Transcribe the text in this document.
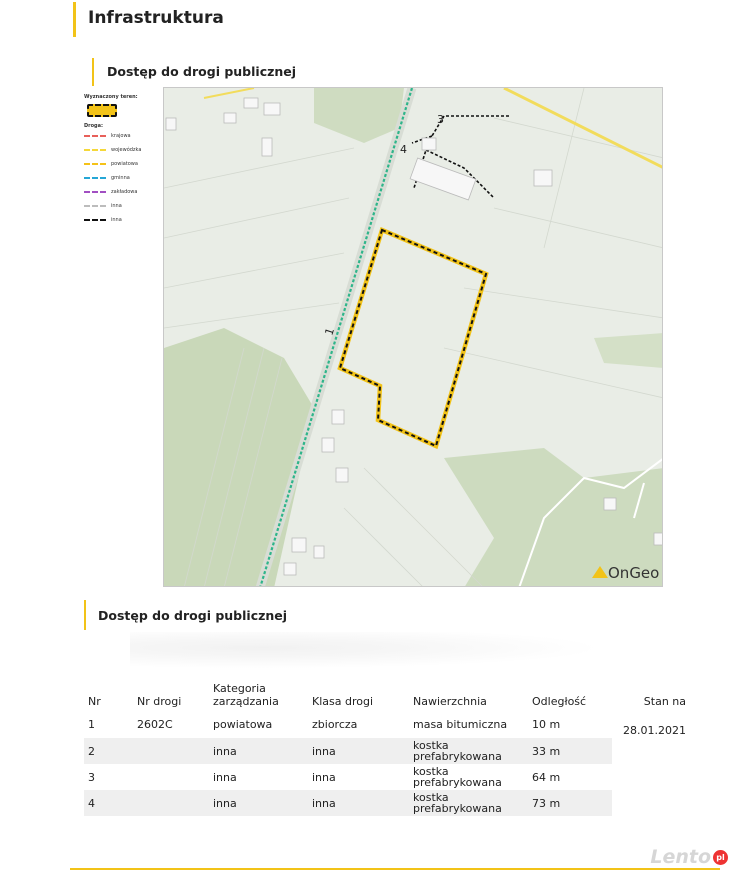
Infrastruktura
Dostęp do drogi publicznej
Wyznaczony teren:
Droga:
krajowa
wojewódzka
powiatowa
gminna
zakładowa
inna
inna
1
3
4
OnGeo
Dostęp do drogi publicznej
Nr	Nr drogi	Kategoria
zarządzania	Klasa drogi	Nawierzchnia	Odległość	Stan na
1	2602C	powiatowa	zbiorcza	masa bitumiczna	10 m	28.01.2021
2		inna	inna	kostka
prefabrykowana	33 m	
3		inna	inna	kostka
prefabrykowana	64 m	
4		inna	inna	kostka
prefabrykowana	73 m	
Lento pl
